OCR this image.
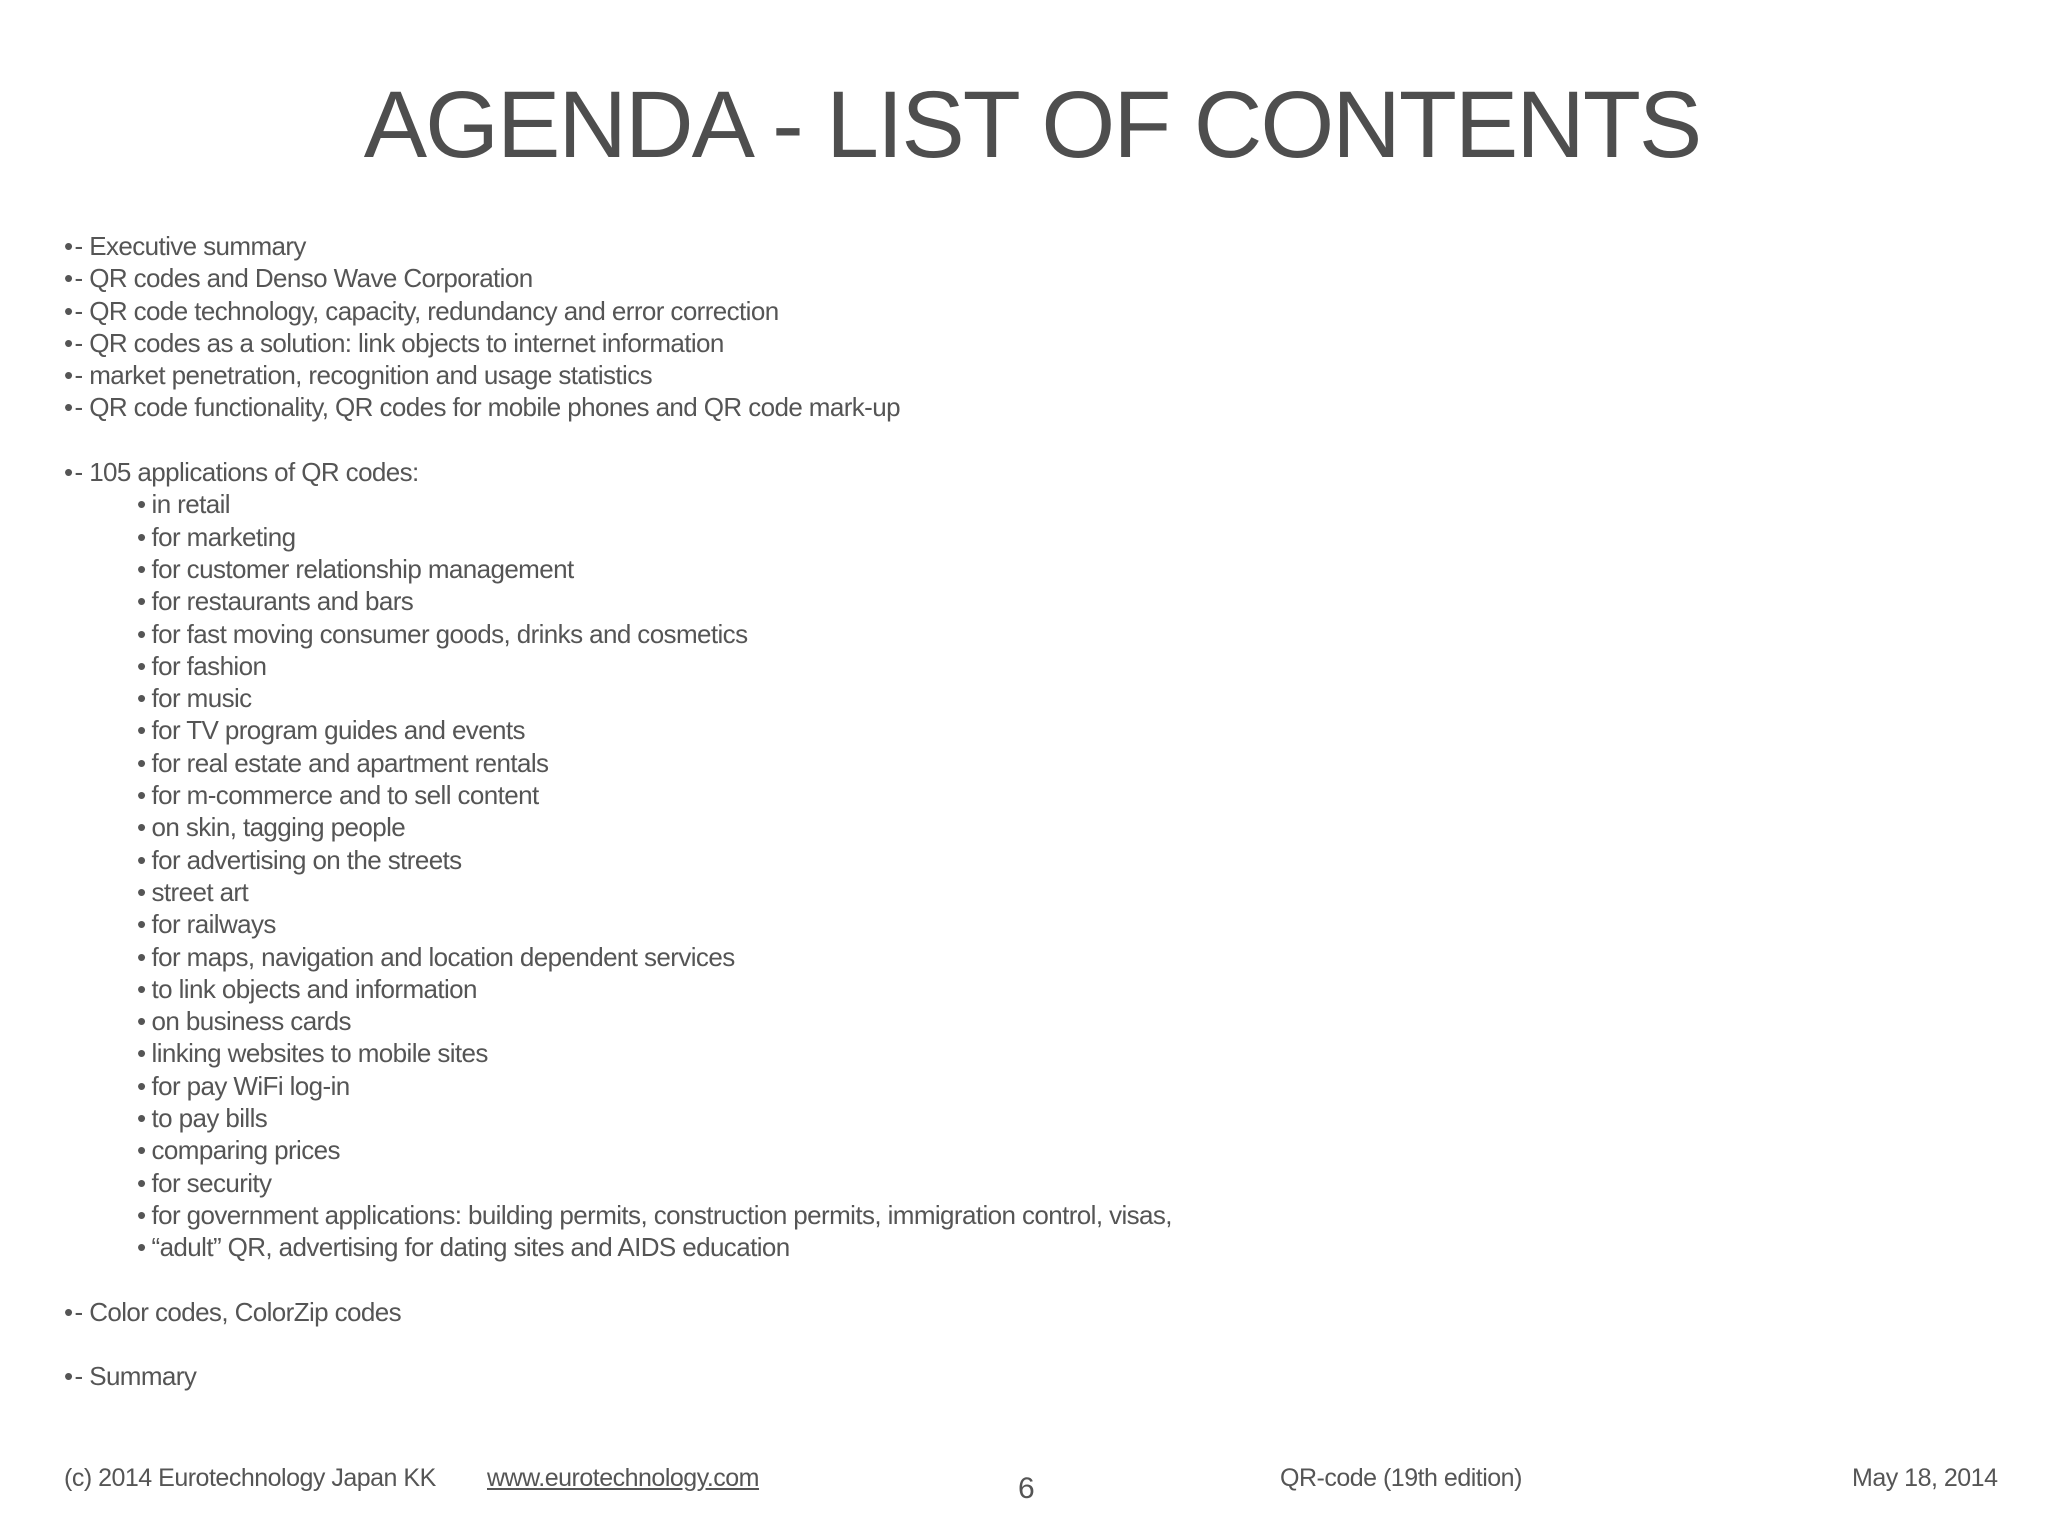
AGENDA - LIST OF CONTENTS
• - Executive summary
• - QR codes and Denso Wave Corporation
• - QR code technology, capacity, redundancy and error correction
• - QR codes as a solution: link objects to internet information
• - market penetration, recognition and usage statistics
• - QR code functionality, QR codes for mobile phones and QR code mark-up
• - 105 applications of QR codes:
• in retail
• for marketing
• for customer relationship management
• for restaurants and bars
• for fast moving consumer goods, drinks and cosmetics
• for fashion
• for music
• for TV program guides and events
• for real estate and apartment rentals
• for m-commerce and to sell content
• on skin, tagging people
• for advertising on the streets
• street art
• for railways
• for maps, navigation and location dependent services
• to link objects and information
• on business cards
• linking websites to mobile sites
• for pay WiFi log-in
• to pay bills
• comparing prices
• for security
• for government applications: building permits, construction permits, immigration control, visas,
• “adult” QR, advertising for dating sites and AIDS education
• - Color codes, ColorZip codes
• - Summary
(c) 2014 Eurotechnology Japan KK www.eurotechnology.com	6	QR-code (19th edition)	May 18, 2014
